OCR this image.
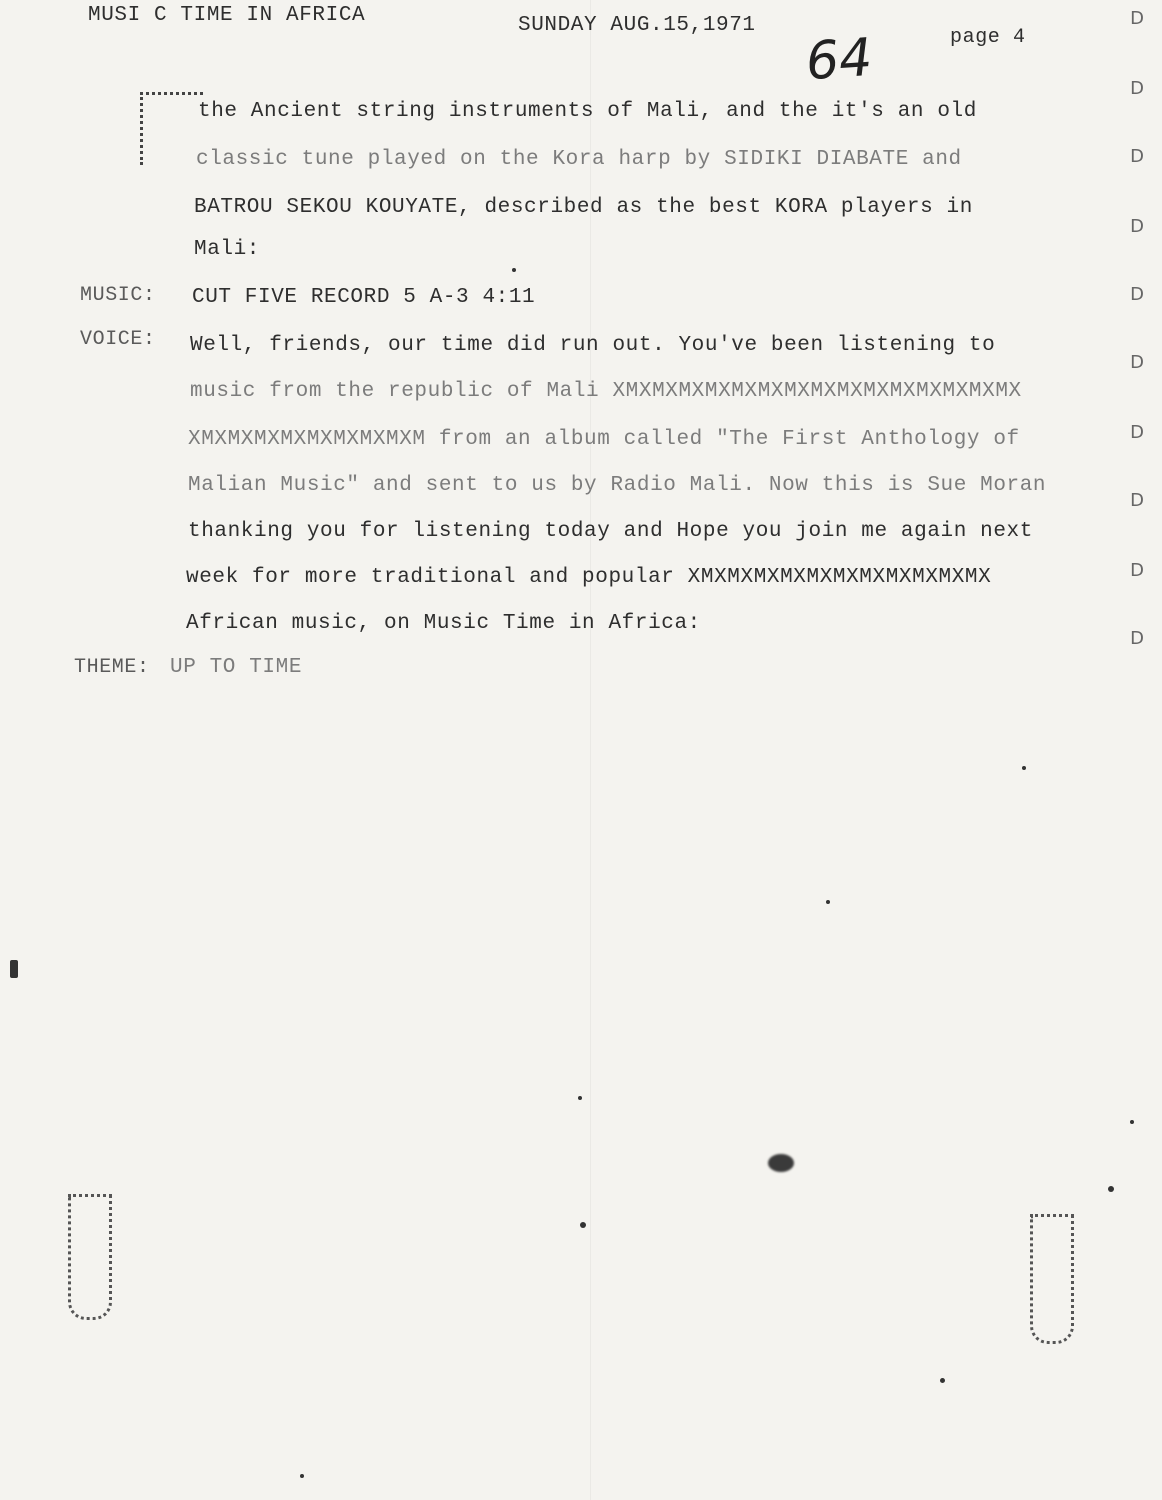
MUSI C TIME IN AFRICA	SUNDAY AUG.15,1971
page 4
64
the Ancient string instruments of Mali, and the it's an old
classic tune played on the Kora harp by SIDIKI DIABATE and
BATROU SEKOU KOUYATE, described as the best KORA players in
Mali:
MUSIC: CUT FIVE RECORD 5 A-3 4:11
VOICE: Well, friends, our time did run out. You've been listening to
music from the republic of Mali XMXMXMXMXMXMXMXMXMXMXMXMXMXMXMX
XMXMXMXMXMXMXMXMXM from an album called "The First Anthology of
Malian Music" and sent to us by Radio Mali. Now this is Sue Moran
thanking you for listening today and Hope you join me again next
week for more traditional and popular XMXMXMXMXMXMXMXMXMXMXMX
African music, on Music Time in Africa:
THEME: UP TO TIME
D
D
D
D
D
D
D
D
D
D
